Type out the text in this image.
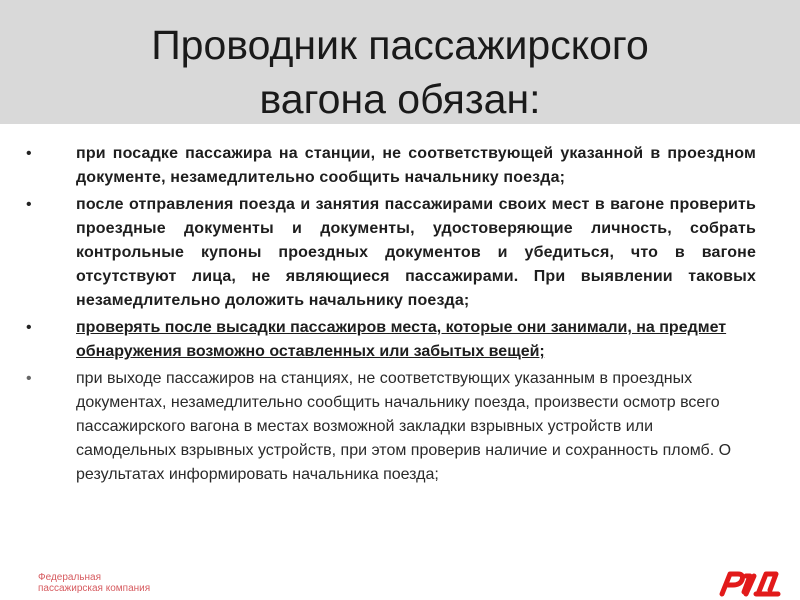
Проводник пассажирского
вагона обязан:
•	при посадке пассажира на станции, не соответствующей указанной в проездном документе, незамедлительно сообщить начальнику поезда;
•	после отправления поезда и занятия пассажирами своих мест в вагоне проверить проездные документы и документы, удостоверяющие личность, собрать контрольные купоны проездных документов и убедиться, что в вагоне отсутствуют лица, не являющиеся пассажирами. При выявлении таковых незамедлительно доложить начальнику поезда;
•	проверять после высадки пассажиров места, которые они занимали, на предмет обнаружения возможно оставленных или забытых вещей;
•	при выходе пассажиров на станциях, не соответствующих указанным в проездных документах, незамедлительно сообщить начальнику поезда, произвести осмотр всего пассажирского вагона в местах возможной закладки взрывных устройств или самодельных взрывных устройств, при этом проверив наличие и сохранность пломб. О результатах информировать начальника поезда;
Федеральная
пассажирская компания
